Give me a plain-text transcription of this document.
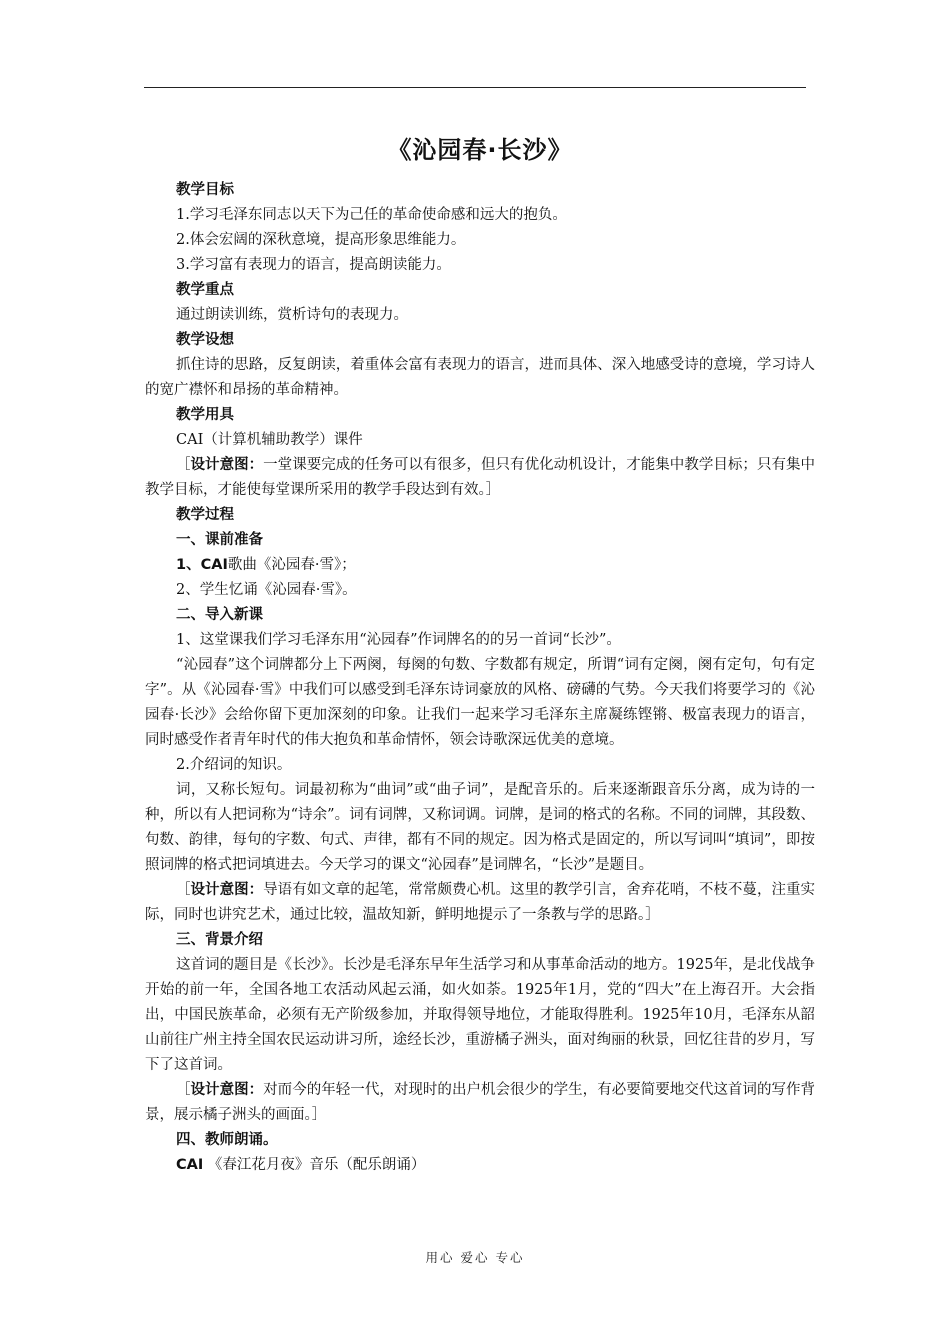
《沁园春·长沙》

教学目标

1.学习毛泽东同志以天下为己任的革命使命感和远大的抱负。

2.体会宏阔的深秋意境，提高形象思维能力。

3.学习富有表现力的语言，提高朗读能力。

教学重点

通过朗读训练，赏析诗句的表现力。

教学设想

抓住诗的思路，反复朗读，着重体会富有表现力的语言，进而具体、深入地感受诗的意境，学习诗人的宽广襟怀和昂扬的革命精神。

教学用具

CAI（计算机辅助教学）课件

［设计意图：一堂课要完成的任务可以有很多，但只有优化动机设计，才能集中教学目标；只有集中教学目标，才能使每堂课所采用的教学手段达到有效。］

教学过程

一、课前准备

1、CAI歌曲《沁园春·雪》；

2、学生忆诵《沁园春·雪》。

二、导入新课

1、这堂课我们学习毛泽东用“沁园春”作词牌名的的另一首词“长沙”。

“沁园春”这个词牌都分上下两阕，每阕的句数、字数都有规定，所谓“词有定阕，阕有定句，句有定字”。从《沁园春·雪》中我们可以感受到毛泽东诗词豪放的风格、磅礴的气势。今天我们将要学习的《沁园春·长沙》会给你留下更加深刻的印象。让我们一起来学习毛泽东主席凝练铿锵、极富表现力的语言，同时感受作者青年时代的伟大抱负和革命情怀，领会诗歌深远优美的意境。

2.介绍词的知识。

词，又称长短句。词最初称为“曲词”或“曲子词”，是配音乐的。后来逐渐跟音乐分离，成为诗的一种，所以有人把词称为“诗余”。词有词牌，又称词调。词牌，是词的格式的名称。不同的词牌，其段数、句数、韵律，每句的字数、句式、声律，都有不同的规定。因为格式是固定的，所以写词叫“填词”，即按照词牌的格式把词填进去。今天学习的课文“沁园春”是词牌名，“长沙”是题目。

［设计意图：导语有如文章的起笔，常常颇费心机。这里的教学引言，舍弃花哨，不枝不蔓，注重实际，同时也讲究艺术，通过比较，温故知新，鲜明地提示了一条教与学的思路。］

三、背景介绍

这首词的题目是《长沙》。长沙是毛泽东早年生活学习和从事革命活动的地方。1925年，是北伐战争开始的前一年，全国各地工农活动风起云涌，如火如荼。1925年1月，党的“四大”在上海召开。大会指出，中国民族革命，必须有无产阶级参加，并取得领导地位，才能取得胜利。1925年10月，毛泽东从韶山前往广州主持全国农民运动讲习所，途经长沙，重游橘子洲头，面对绚丽的秋景，回忆往昔的岁月，写下了这首词。

［设计意图：对而今的年轻一代，对现时的出户机会很少的学生，有必要简要地交代这首词的写作背景，展示橘子洲头的画面。］

四、教师朗诵。

CAI 《春江花月夜》音乐（配乐朗诵）

用心 爱心 专心
